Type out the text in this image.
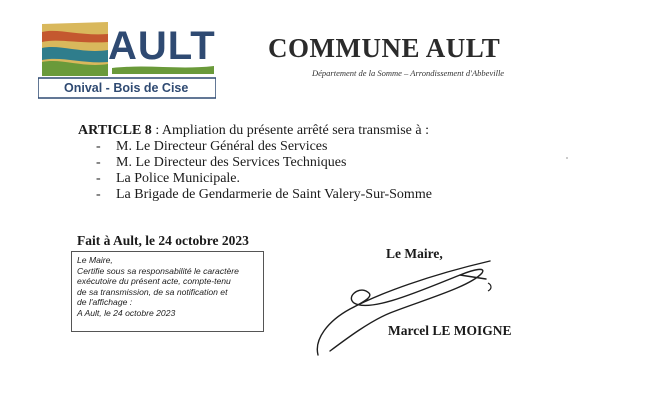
AULT
Onival - Bois de Cise
COMMUNE AULT
Département de la Somme – Arrondissement d'Abbeville
ARTICLE 8 : Ampliation du présente arrêté sera transmise à :
-	M. Le Directeur Général des Services
-	M. Le Directeur des Services Techniques
-	La Police Municipale.
-	La Brigade de Gendarmerie de Saint Valery-Sur-Somme
Fait à Ault, le 24 octobre 2023
Le Maire,
Certifie sous sa responsabilité le caractère
exécutoire du présent acte, compte-tenu
de sa transmission, de sa notification et
de l'affichage :
A Ault, le 24 octobre 2023
Le Maire,
Marcel LE MOIGNE
